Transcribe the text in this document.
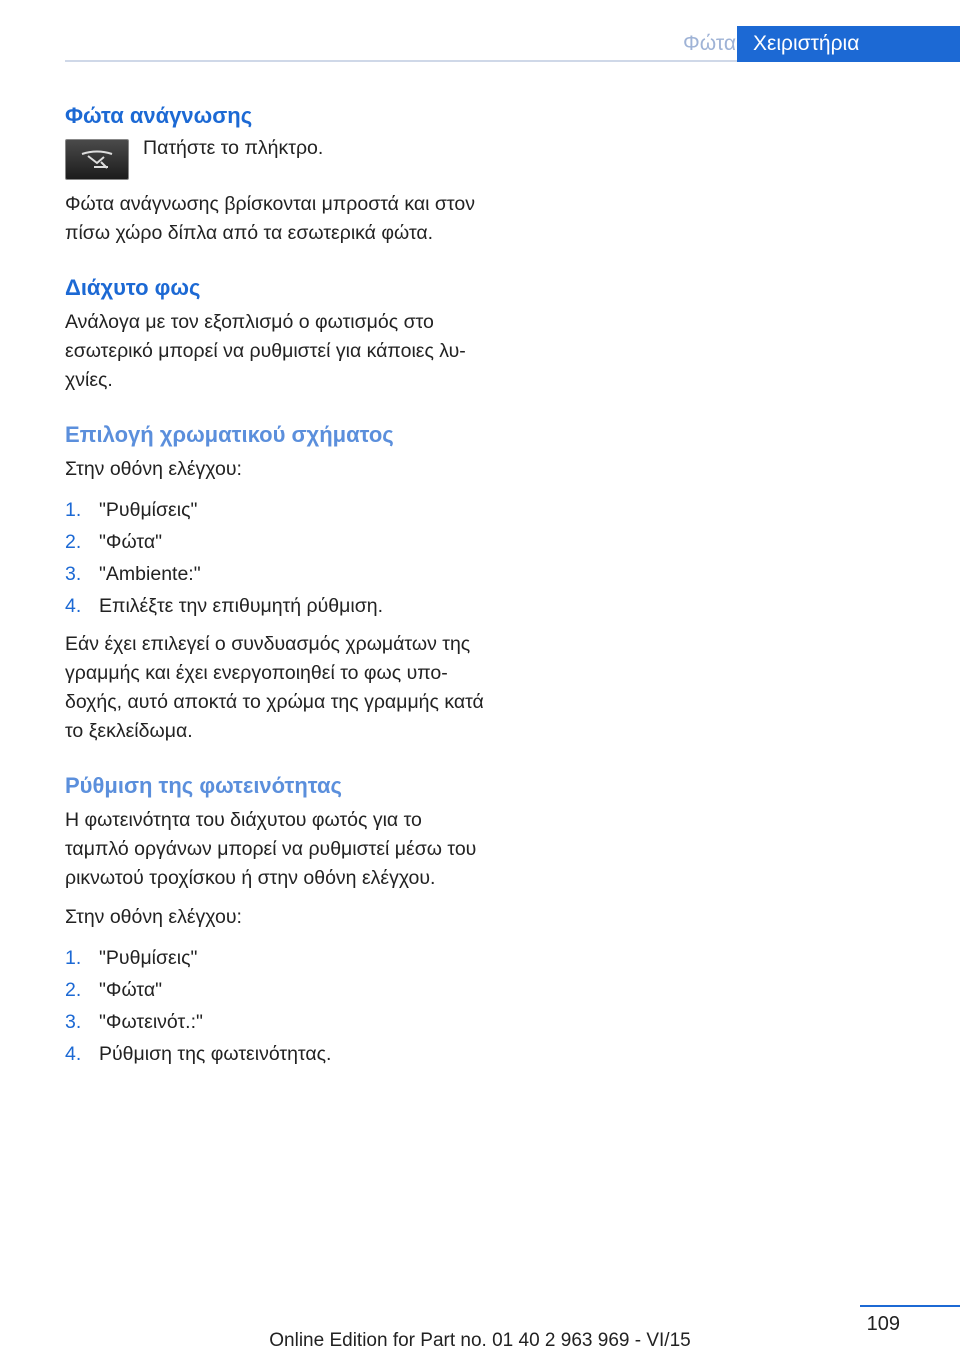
Φώτα Χειριστήρια
Φώτα ανάγνωσης
Πατήστε το πλήκτρο.
Φώτα ανάγνωσης βρίσκονται μπροστά και στον πίσω χώρο δίπλα από τα εσωτερικά φώτα.
Διάχυτο φως
Ανάλογα με τον εξοπλισμό ο φωτισμός στο εσωτερικό μπορεί να ρυθμιστεί για κάποιες λυχνίες.
Επιλογή χρωματικού σχήματος
Στην οθόνη ελέγχου:
1. "Ρυθμίσεις"
2. "Φώτα"
3. "Ambiente:"
4. Επιλέξτε την επιθυμητή ρύθμιση.
Εάν έχει επιλεγεί ο συνδυασμός χρωμάτων της γραμμής και έχει ενεργοποιηθεί το φως υποδοχής, αυτό αποκτά το χρώμα της γραμμής κατά το ξεκλείδωμα.
Ρύθμιση της φωτεινότητας
Η φωτεινότητα του διάχυτου φωτός για το ταμπλό οργάνων μπορεί να ρυθμιστεί μέσω του ρικνωτού τροχίσκου ή στην οθόνη ελέγχου.
Στην οθόνη ελέγχου:
1. "Ρυθμίσεις"
2. "Φώτα"
3. "Φωτεινότ.:"
4. Ρύθμιση της φωτεινότητας.
109
Online Edition for Part no. 01 40 2 963 969 - VI/15
